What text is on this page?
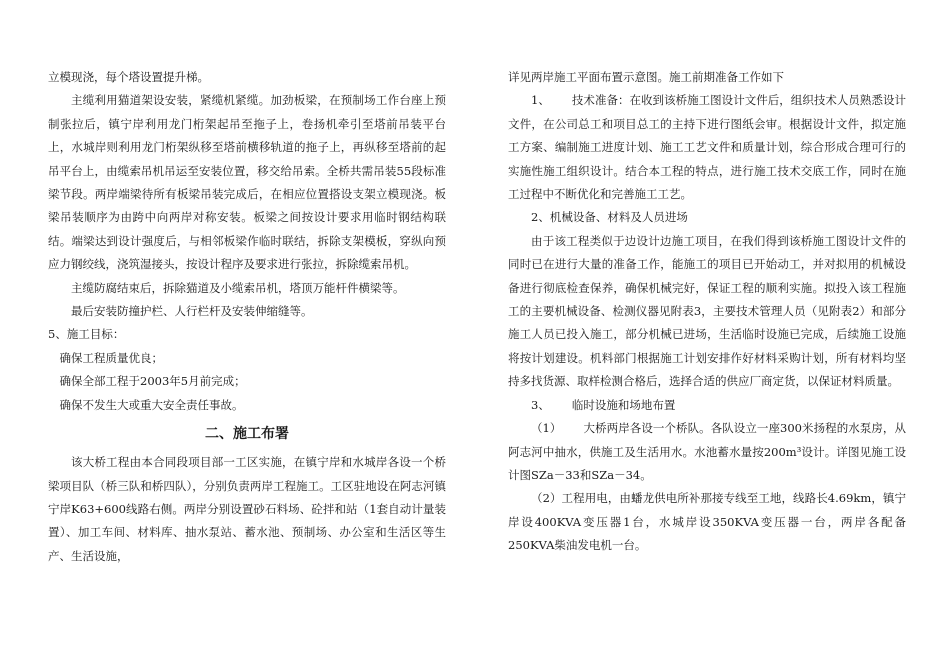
立模现浇，每个塔设置提升梯。

主缆利用猫道架设安装，紧缆机紧缆。加劲板梁，在预制场工作台座上预制张拉后，镇宁岸利用龙门桁架起吊至拖子上，卷扬机牵引至塔前吊装平台上，水城岸则利用龙门桁架纵移至塔前横移轨道的拖子上，再纵移至塔前的起吊平台上，由缆索吊机吊运至安装位置，移交给吊索。全桥共需吊装55段标准梁节段。两岸端梁待所有板梁吊装完成后，在相应位置搭设支架立模现浇。板梁吊装顺序为由跨中向两岸对称安装。板梁之间按设计要求用临时钢结构联结。端梁达到设计强度后，与相邻板梁作临时联结，拆除支架模板，穿纵向预应力钢绞线，浇筑湿接头，按设计程序及要求进行张拉，拆除缆索吊机。

主缆防腐结束后，拆除猫道及小缆索吊机，塔顶万能杆件横梁等。

最后安装防撞护栏、人行栏杆及安装伸缩缝等。

5、施工目标：

确保工程质量优良；

确保全部工程于2003年5月前完成；

确保不发生大或重大安全责任事故。

二、施工布署

该大桥工程由本合同段项目部一工区实施，在镇宁岸和水城岸各设一个桥梁项目队（桥三队和桥四队），分别负责两岸工程施工。工区驻地设在阿志河镇宁岸K63+600线路右侧。两岸分别设置砂石料场、砼拌和站（1套自动计量装置）、加工车间、材料库、抽水泵站、蓄水池、预制场、办公室和生活区等生产、生活设施，

详见两岸施工平面布置示意图。施工前期准备工作如下

1、 技术准备：在收到该桥施工图设计文件后，组织技术人员熟悉设计文件，在公司总工和项目总工的主持下进行图纸会审。根据设计文件，拟定施工方案、编制施工进度计划、施工工艺文件和质量计划，综合形成合理可行的实施性施工组织设计。结合本工程的特点，进行施工技术交底工作，同时在施工过程中不断优化和完善施工工艺。

2、机械设备、材料及人员进场

由于该工程类似于边设计边施工项目，在我们得到该桥施工图设计文件的同时已在进行大量的准备工作，能施工的项目已开始动工，并对拟用的机械设备进行彻底检查保养，确保机械完好，保证工程的顺利实施。拟投入该工程施工的主要机械设备、检测仪器见附表3，主要技术管理人员（见附表2）和部分施工人员已投入施工，部分机械已进场，生活临时设施已完成，后续施工设施将按计划建设。机料部门根据施工计划安排作好材料采购计划，所有材料均坚持多找货源、取样检测合格后，选择合适的供应厂商定货，以保证材料质量。

3、 临时设施和场地布置

（1） 大桥两岸各设一个桥队。各队设立一座300米扬程的水泵房，从阿志河中抽水，供施工及生活用水。水池蓄水量按200m³设计。详图见施工设计图SZa－33和SZa－34。

（2）工程用电，由蟠龙供电所补那接专线至工地，线路长4.69km，镇宁岸设400KVA变压器1台，水城岸设350KVA变压器一台，两岸各配备250KVA柴油发电机一台。
